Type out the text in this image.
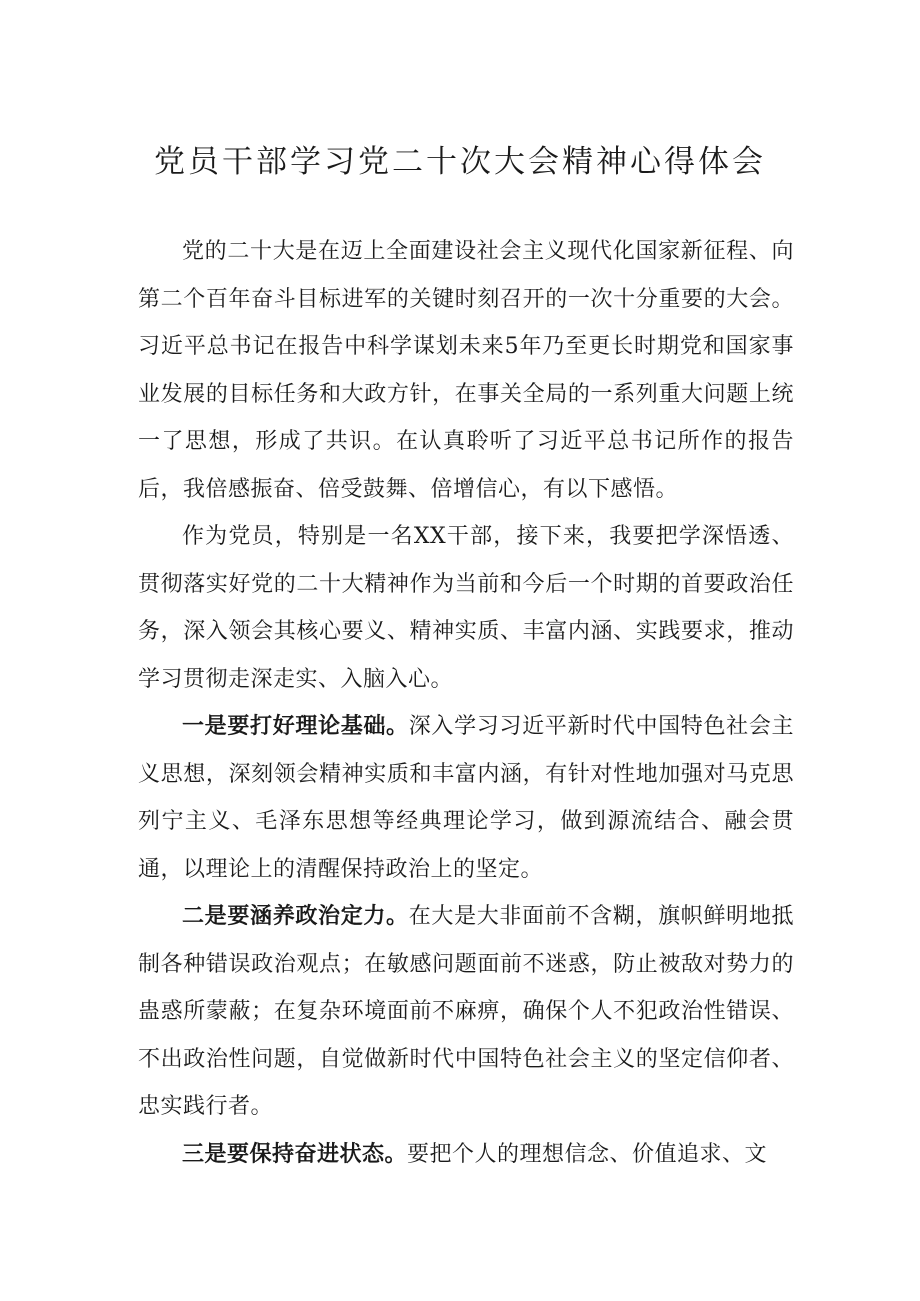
党员干部学习党二十次大会精神心得体会

党的二十大是在迈上全面建设社会主义现代化国家新征程、向第二个百年奋斗目标进军的关键时刻召开的一次十分重要的大会。习近平总书记在报告中科学谋划未来5年乃至更长时期党和国家事业发展的目标任务和大政方针，在事关全局的一系列重大问题上统一了思想，形成了共识。在认真聆听了习近平总书记所作的报告后，我倍感振奋、倍受鼓舞、倍增信心，有以下感悟。

作为党员，特别是一名XX干部，接下来，我要把学深悟透、贯彻落实好党的二十大精神作为当前和今后一个时期的首要政治任务，深入领会其核心要义、精神实质、丰富内涵、实践要求，推动学习贯彻走深走实、入脑入心。

一是要打好理论基础。深入学习习近平新时代中国特色社会主义思想，深刻领会精神实质和丰富内涵，有针对性地加强对马克思列宁主义、毛泽东思想等经典理论学习，做到源流结合、融会贯通，以理论上的清醒保持政治上的坚定。

二是要涵养政治定力。在大是大非面前不含糊，旗帜鲜明地抵制各种错误政治观点；在敏感问题面前不迷惑，防止被敌对势力的蛊惑所蒙蔽；在复杂环境面前不麻痹，确保个人不犯政治性错误、不出政治性问题，自觉做新时代中国特色社会主义的坚定信仰者、忠实践行者。

三是要保持奋进状态。要把个人的理想信念、价值追求、文
